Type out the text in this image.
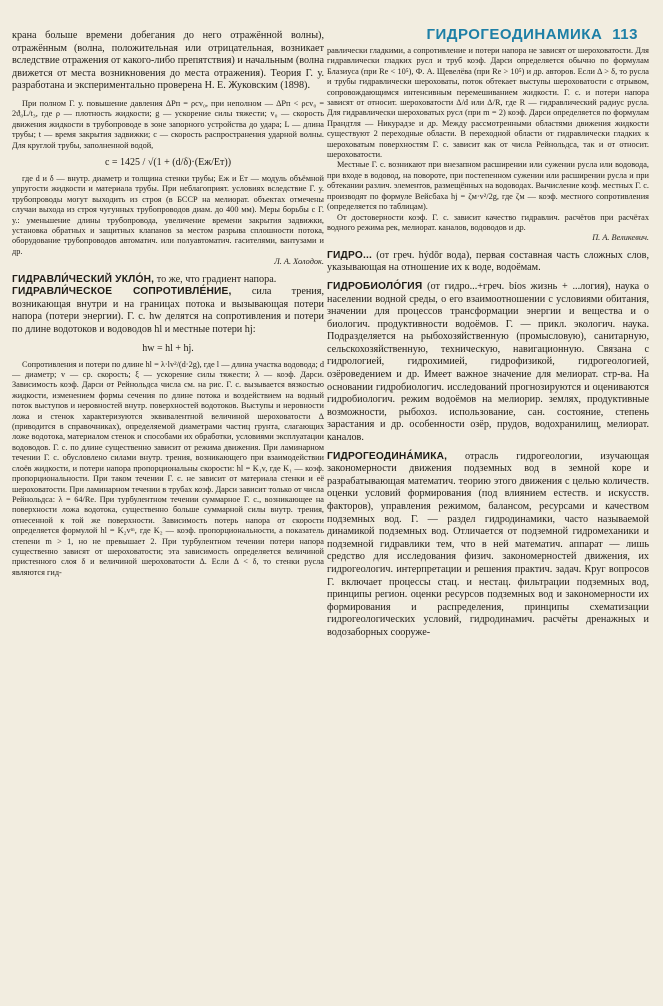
ГИДРОГЕОДИНАМИКА 113

крана больше времени добегания до него отражённой волны), отражённым (волна, положительная или отрицательная, возникает вследствие отражения от какого-либо препятствия) и начальным (волна движется от места возникновения до места отражения). Теория Г. у. разработана и экспериментально проверена Н. Е. Жуковским (1898).

При полном Г. у. повышение давления ΔPп = ρcv₀, при неполном — ΔPп < ρcv₀ = 2ϑ₀L/t₃, где ρ — плотность жидкости; g — ускорение силы тяжести; v₀ — скорость движения жидкости в трубопроводе в зоне запорного устройства до удара; L — длина трубы; t — время закрытия задвижки; c — скорость распространения ударной волны. Для круглой трубы, заполненной водой,

c = 1425 / √(1 + (d/δ)·(Eж/Eт))

где d и δ — внутр. диаметр и толщина стенки трубы; Eж и Eт — модуль объёмной упругости жидкости и материала трубы. При неблагоприят. условиях вследствие Г. у. трубопроводы могут выходить из строя (в БССР на мелиорат. объектах отмечены случаи выхода из строя чугунных трубопроводов диам. до 400 мм). Меры борьбы с Г. у.: уменьшение длины трубопровода, увеличение времени закрытия задвижки, установка обратных и защитных клапанов за местом разрыва сплошности потока, оборудование трубопроводов автоматич. или полуавтоматич. гасителями, вантузами и др.

Л. А. Холодок.

ГИДРАВЛИ́ЧЕСКИЙ УКЛО́Н, то же, что градиент напора.

ГИДРАВЛИ́ЧЕСКОЕ СОПРОТИВЛЕ́НИЕ, сила трения, возникающая внутри и на границах потока и вызывающая потери напора (потери энергии). Г. с. hw делятся на сопротивления и потери по длине водотоков и водоводов hl и местные потери hj:

hw = hl + hj.

Сопротивления и потери по длине hl = λ·lv²/(d·2g), где l — длина участка водовода; d — диаметр; v — ср. скорость; ξ — ускорение силы тяжести; λ — коэф. Дарси. Зависимость коэф. Дарси от Рейнольдса числа см. на рис. Г. с. вызывается вязкостью жидкости, изменением формы сечения по длине потока и воздействием на водный поток выступов и неровностей внутр. поверхностей водотоков. Выступы и неровности ложа и стенок характеризуются эквивалентной величиной шероховатости Δ (приводится в справочниках), определяемой диаметрами частиц грунта, слагающих ложе водотока, материалом стенок и способами их обработки, условиями эксплуатации водоводов. Г. с. по длине существенно зависит от режима движения. При ламинарном течении Г. с. обусловлено силами внутр. трения, возникающего при взаимодействии слоёв жидкости, и потери напора пропорциональны скорости: hl = K₁v, где K₁ — коэф. пропорциональности. При таком течении Г. с. не зависит от материала стенки и её шероховатости. При ламинарном течении в трубах коэф. Дарси зависит только от числа Рейнольдса: λ = 64/Re. При турбулентном течении суммарное Г. с., возникающее на поверхности ложа водотока, существенно больше суммарной силы внутр. трения, отнесенной к той же поверхности. Зависимость потерь напора от скорости определяется формулой hl = K₂vᵐ, где K₂ — коэф. пропорциональности, а показатель степени m > 1, но не превышает 2. При турбулентном течении потери напора существенно зависят от шероховатости; эта зависимость определяется величиной пристенного слоя δ и величиной шероховатости Δ. Если Δ < δ, то стенки русла являются гид-

равлически гладкими, а сопротивление и потери напора не зависят от шероховатости. Для гидравлически гладких русл и труб коэф. Дарси определяется обычно по формулам Блазиуса (при Re < 10⁵), Ф. А. Щевелёва (при Re > 10⁵) и др. авторов. Если Δ > δ, то русла и трубы гидравлически шероховаты, поток обтекает выступы шероховатости с отрывом, сопровождающимся интенсивным перемешиванием жидкости. Г. с. и потери напора зависят от относит. шероховатости Δ/d или Δ/R, где R — гидравлический радиус русла. Для гидравлически шероховатых русл (при m = 2) коэф. Дарси определяется по формулам Прандтля — Никурадзе и др. Между рассмотренными областями движения жидкости существуют 2 переходные области. В переходной области от гидравлически гладких к шероховатым поверхностям Г. с. зависит как от числа Рейнольдса, так и от относит. шероховатости.

Местные Г. с. возникают при внезапном расширении или сужении русла или водовода, при входе в водовод, на повороте, при постепенном сужении или расширении русла и при обтекании различ. элементов, размещённых на водоводах. Вычисление коэф. местных Г. с. производят по формуле Вейсбаха hj = ζм·v²/2g, где ζм — коэф. местного сопротивления (определяется по таблицам).

От достоверности коэф. Г. с. зависит качество гидравлич. расчётов при расчётах водного режима рек, мелиорат. каналов, водоводов и др.

П. А. Великевич.

ГИДРО... (от греч. hýdōr вода), первая составная часть сложных слов, указывающая на отношение их к воде, водоёмам.

ГИДРОБИОЛО́ГИЯ (от гидро...+греч. bíos жизнь + ...логия), наука о населении водной среды, о его взаимоотношении с условиями обитания, значении для процессов трансформации энергии и вещества и о биологич. продуктивности водоёмов. Г. — прикл. экологич. наука. Подразделяется на рыбохозяйственную (промысловую), санитарную, сельскохозяйственную, техническую, навигационную. Связана с гидрологией, гидрохимией, гидрофизикой, гидрогеологией, озёроведением и др. Имеет важное значение для мелиорат. стр-ва. На основании гидробиологич. исследований прогнозируются и оцениваются гидробиологич. режим водоёмов на мелиорир. землях, продуктивные возможности, рыбохоз. использование, сан. состояние, степень зарастания и др. особенности озёр, прудов, водохранилищ, мелиорат. каналов.

ГИДРОГЕОДИНА́МИКА, отрасль гидрогеологии, изучающая закономерности движения подземных вод в земной коре и разрабатывающая математич. теорию этого движения с целью количеств. оценки условий формирования (под влиянием естеств. и искусств. факторов), управления режимом, балансом, ресурсами и качеством подземных вод. Г. — раздел гидродинамики, часто называемой динамикой подземных вод. Отличается от подземной гидромеханики и подземной гидравлики тем, что в ней математич. аппарат — лишь средство для исследования физич. закономерностей движения, их гидрогеологич. интерпретации и решения практич. задач. Круг вопросов Г. включает процессы стац. и нестац. фильтрации подземных вод, принципы регион. оценки ресурсов подземных вод и закономерности их формирования и распределения, принципы схематизации гидрогеологических условий, гидродинамич. расчёты дренажных и водозаборных сооруже-
